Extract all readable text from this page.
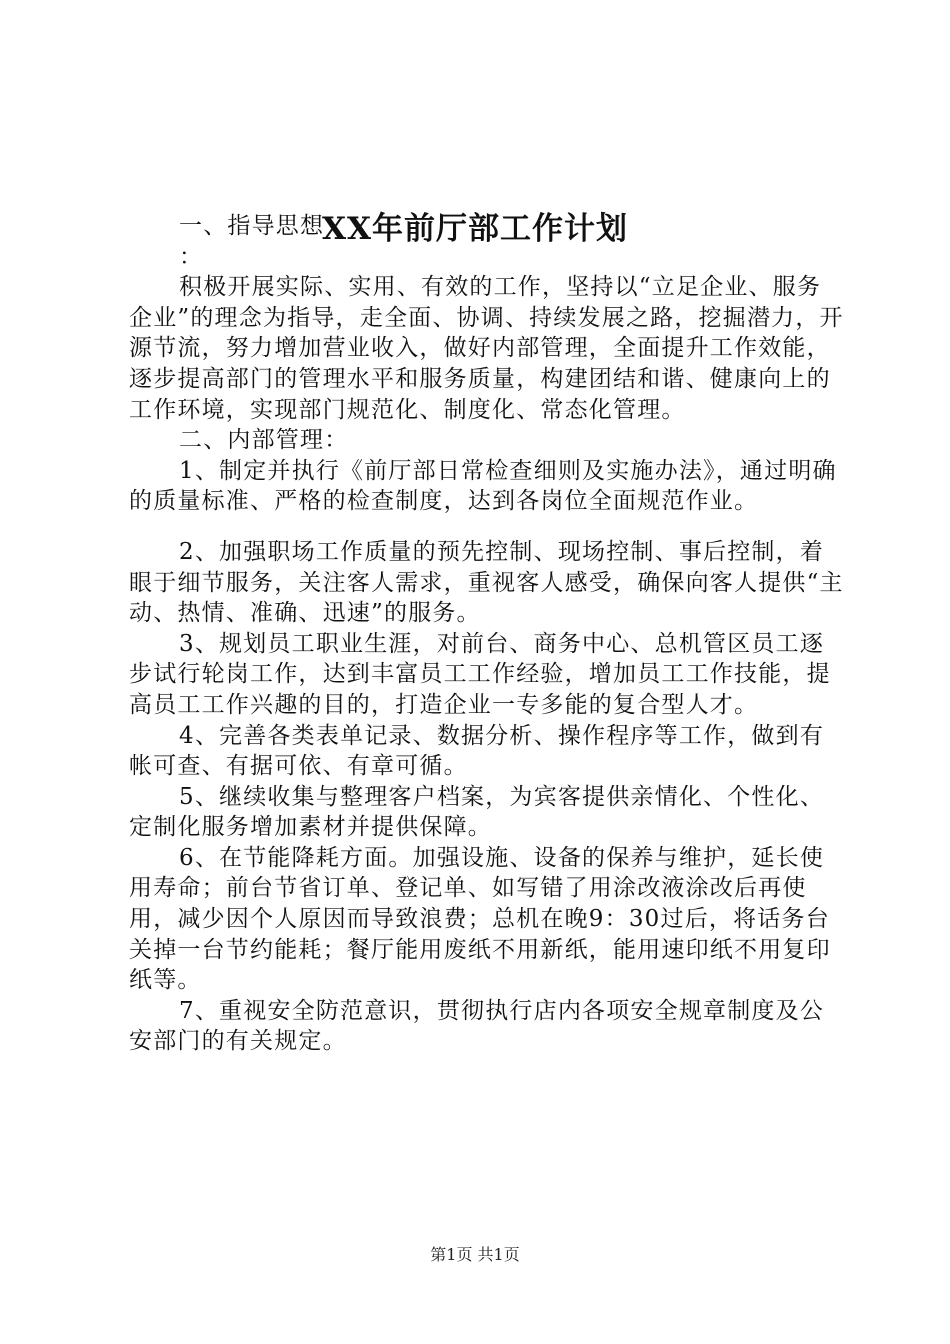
XX年前厅部工作计划

一、指导思想

：

积极开展实际、实用、有效的工作，坚持以“立足企业、服务企业”的理念为指导，走全面、协调、持续发展之路，挖掘潜力，开源节流，努力增加营业收入，做好内部管理，全面提升工作效能，逐步提高部门的管理水平和服务质量，构建团结和谐、健康向上的工作环境，实现部门规范化、制度化、常态化管理。

二、内部管理：

1、制定并执行《前厅部日常检查细则及实施办法》，通过明确的质量标准、严格的检查制度，达到各岗位全面规范作业。

2、加强职场工作质量的预先控制、现场控制、事后控制，着眼于细节服务，关注客人需求，重视客人感受，确保向客人提供“主动、热情、准确、迅速”的服务。

3、规划员工职业生涯，对前台、商务中心、总机管区员工逐步试行轮岗工作，达到丰富员工工作经验，增加员工工作技能，提高员工工作兴趣的目的，打造企业一专多能的复合型人才。

4、完善各类表单记录、数据分析、操作程序等工作，做到有帐可查、有据可依、有章可循。

5、继续收集与整理客户档案，为宾客提供亲情化、个性化、定制化服务增加素材并提供保障。

6、在节能降耗方面。加强设施、设备的保养与维护，延长使用寿命；前台节省订单、登记单、如写错了用涂改液涂改后再使用，减少因个人原因而导致浪费；总机在晚9：30过后，将话务台关掉一台节约能耗；餐厅能用废纸不用新纸，能用速印纸不用复印纸等。

7、重视安全防范意识，贯彻执行店内各项安全规章制度及公安部门的有关规定。

第1页 共1页
